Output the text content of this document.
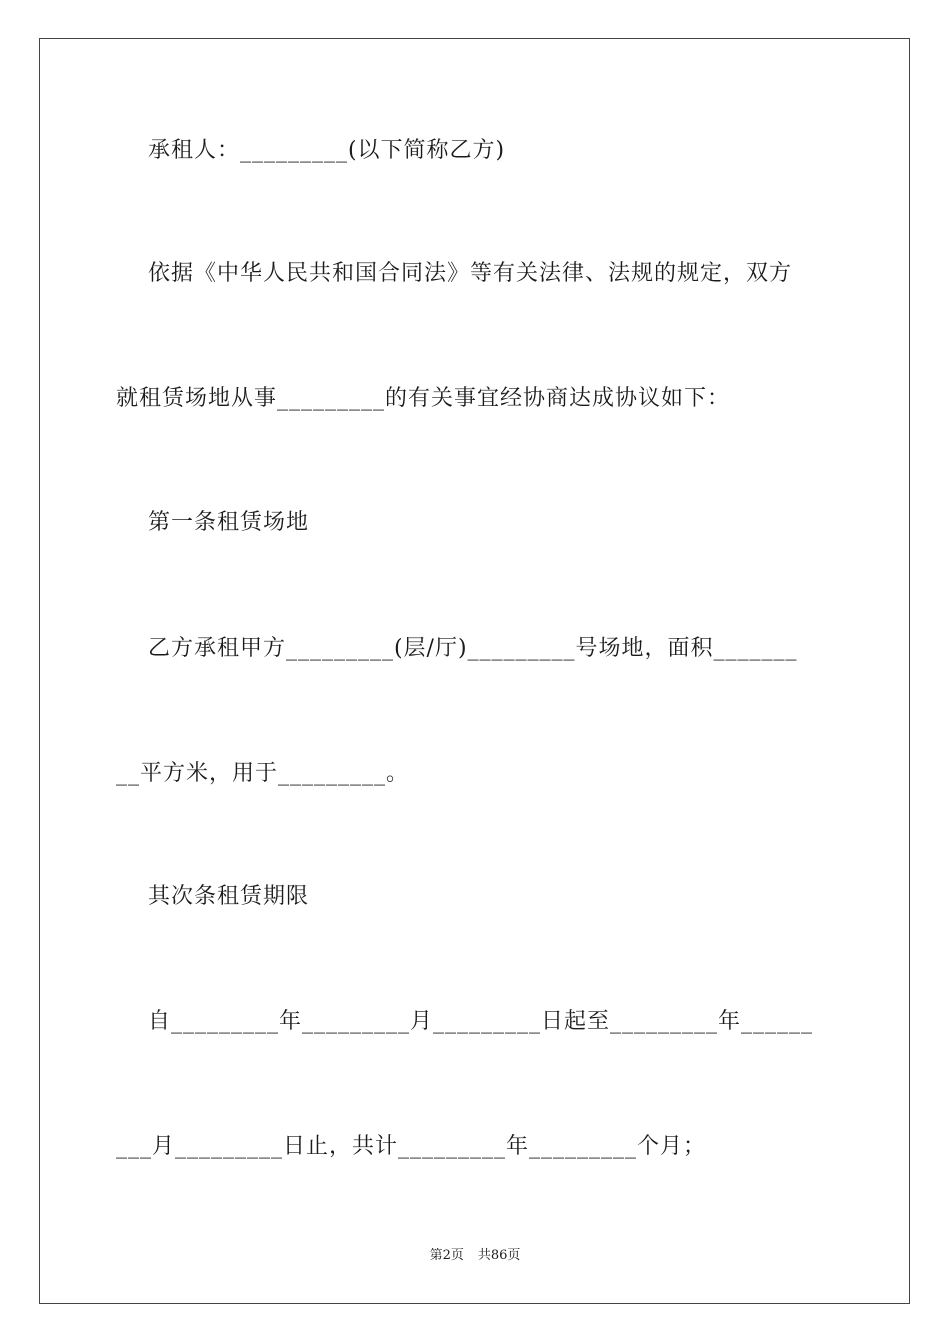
承租人：_________(以下简称乙方)
依据《中华人民共和国合同法》等有关法律、法规的规定，双方
就租赁场地从事_________的有关事宜经协商达成协议如下：
第一条租赁场地
乙方承租甲方_________(层/厅)_________号场地，面积_______
__平方米，用于_________。
其次条租赁期限
自_________年_________月_________日起至_________年______
___月_________日止，共计_________年_________个月；
第2页 共86页
